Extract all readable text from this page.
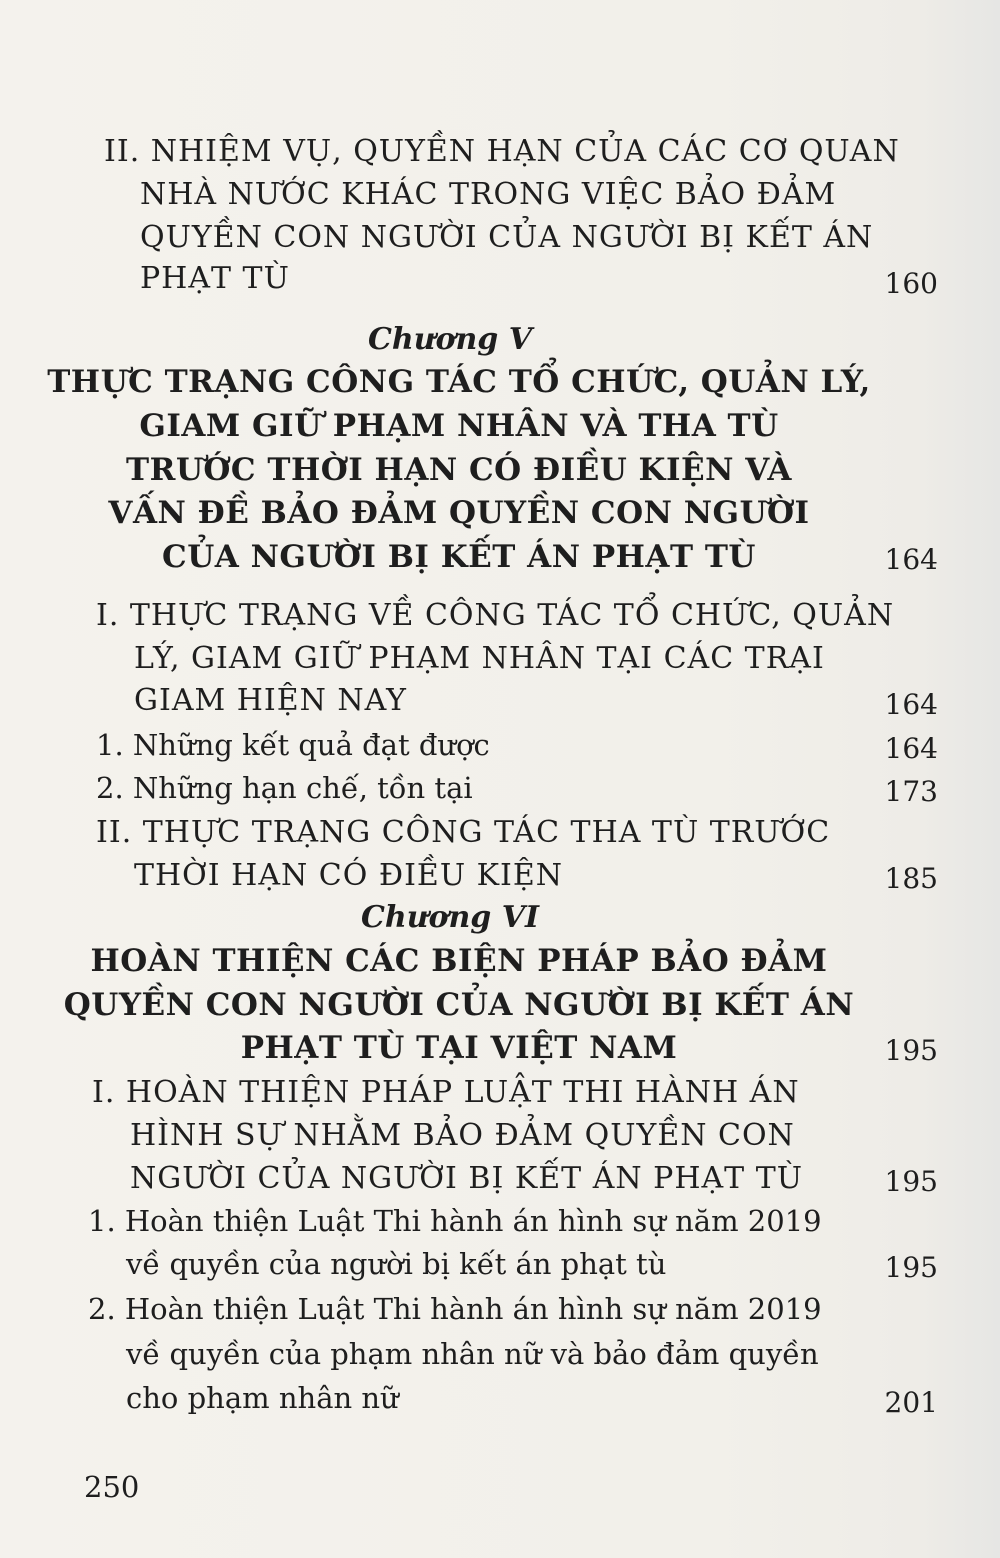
II. NHIỆM VỤ, QUYỀN HẠN CỦA CÁC CƠ QUAN
NHÀ NƯỚC KHÁC TRONG VIỆC BẢO ĐẢM
QUYỀN CON NGƯỜI CỦA NGƯỜI BỊ KẾT ÁN
PHẠT TÙ	160
Chương V
THỰC TRẠNG CÔNG TÁC TỔ CHỨC, QUẢN LÝ,
GIAM GIỮ PHẠM NHÂN VÀ THA TÙ
TRƯỚC THỜI HẠN CÓ ĐIỀU KIỆN VÀ
VẤN ĐỀ BẢO ĐẢM QUYỀN CON NGƯỜI
CỦA NGƯỜI BỊ KẾT ÁN PHẠT TÙ	164
I. THỰC TRẠNG VỀ CÔNG TÁC TỔ CHỨC, QUẢN
LÝ, GIAM GIỮ PHẠM NHÂN TẠI CÁC TRẠI
GIAM HIỆN NAY	164
1. Những kết quả đạt được	164
2. Những hạn chế, tồn tại	173
II. THỰC TRẠNG CÔNG TÁC THA TÙ TRƯỚC
THỜI HẠN CÓ ĐIỀU KIỆN	185
Chương VI
HOÀN THIỆN CÁC BIỆN PHÁP BẢO ĐẢM
QUYỀN CON NGƯỜI CỦA NGƯỜI BỊ KẾT ÁN
PHẠT TÙ TẠI VIỆT NAM	195
I. HOÀN THIỆN PHÁP LUẬT THI HÀNH ÁN
HÌNH SỰ NHẰM BẢO ĐẢM QUYỀN CON
NGƯỜI CỦA NGƯỜI BỊ KẾT ÁN PHẠT TÙ	195
1. Hoàn thiện Luật Thi hành án hình sự năm 2019
về quyền của người bị kết án phạt tù	195
2. Hoàn thiện Luật Thi hành án hình sự năm 2019
về quyền của phạm nhân nữ và bảo đảm quyền
cho phạm nhân nữ	201
250
